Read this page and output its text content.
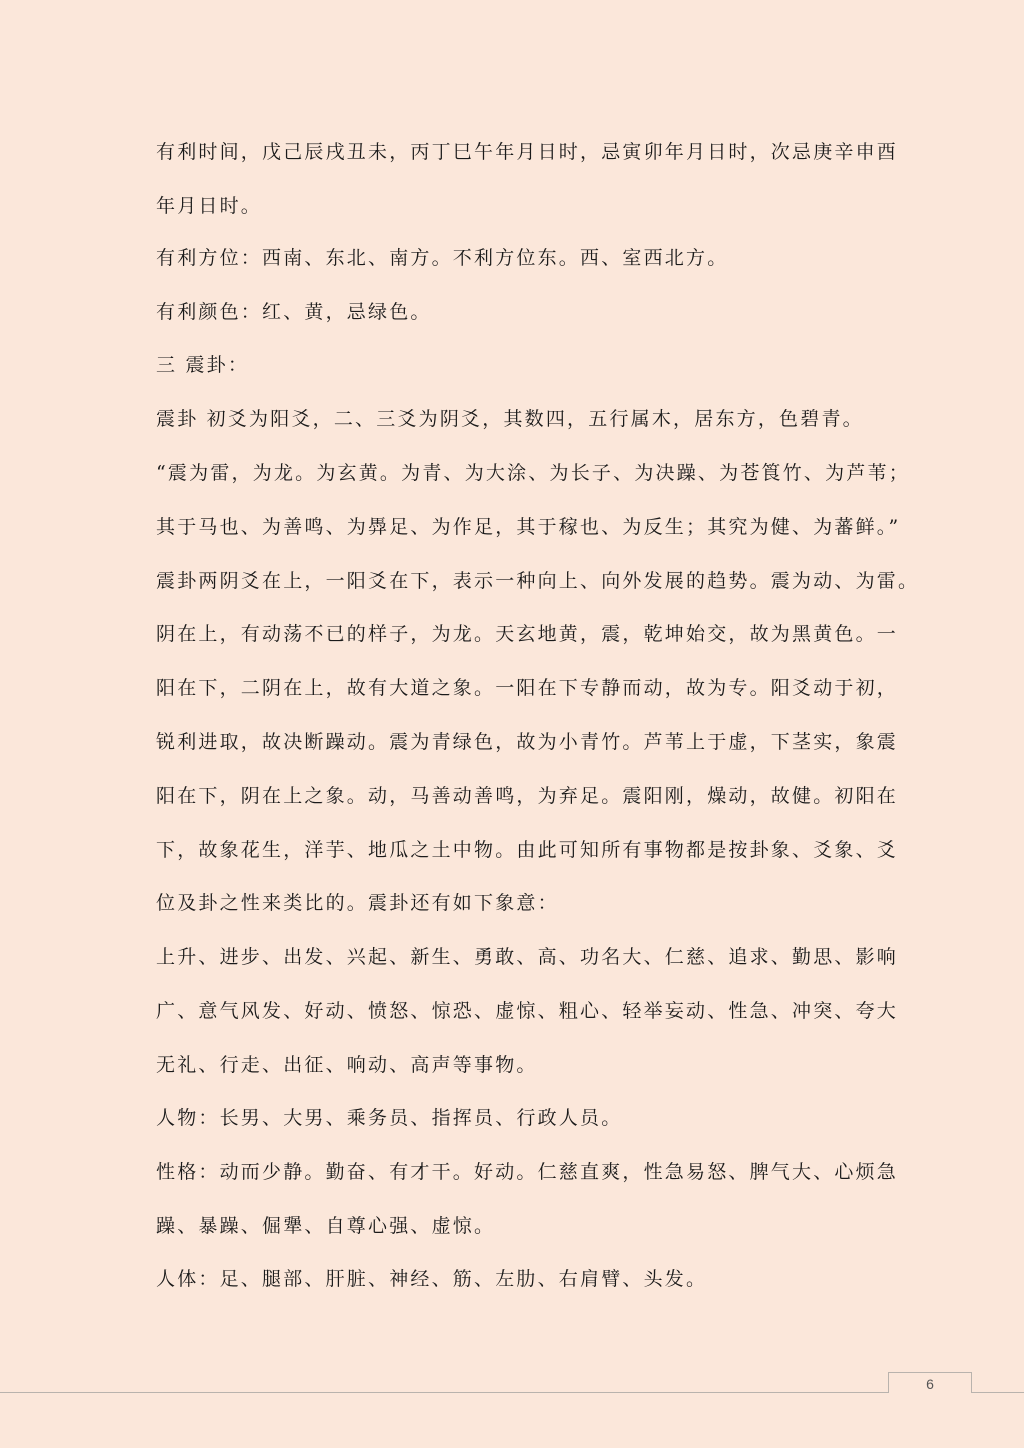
有利时间，戊己辰戌丑未，丙丁巳午年月日时，忌寅卯年月日时，次忌庚辛申酉
年月日时。
有利方位：西南、东北、南方。不利方位东。西、室西北方。
有利颜色：红、黄，忌绿色。
三 震卦：
震卦 初爻为阳爻，二、三爻为阴爻，其数四，五行属木，居东方，色碧青。
“震为雷，为龙。为玄黄。为青、为大涂、为长子、为决躁、为苍筤竹、为芦苇；
其于马也、为善鸣、为馵足、为作足，其于稼也、为反生；其究为健、为蕃鲜。”
震卦两阴爻在上，一阳爻在下，表示一种向上、向外发展的趋势。震为动、为雷。
阴在上，有动荡不已的样子，为龙。天玄地黄，震，乾坤始交，故为黑黄色。一
阳在下，二阴在上，故有大道之象。一阳在下专静而动，故为专。阳爻动于初，
锐利进取，故决断躁动。震为青绿色，故为小青竹。芦苇上于虚，下茎实，象震
阳在下，阴在上之象。动，马善动善鸣，为弃足。震阳刚，燥动，故健。初阳在
下，故象花生，洋芋、地瓜之土中物。由此可知所有事物都是按卦象、爻象、爻
位及卦之性来类比的。震卦还有如下象意：
上升、进步、出发、兴起、新生、勇敢、高、功名大、仁慈、追求、勤思、影响
广、意气风发、好动、愤怒、惊恐、虚惊、粗心、轻举妄动、性急、冲突、夸大
无礼、行走、出征、响动、高声等事物。
人物：长男、大男、乘务员、指挥员、行政人员。
性格：动而少静。勤奋、有才干。好动。仁慈直爽，性急易怒、脾气大、心烦急
躁、暴躁、倔犟、自尊心强、虚惊。
人体：足、腿部、肝脏、神经、筋、左肋、右肩臂、头发。
6
